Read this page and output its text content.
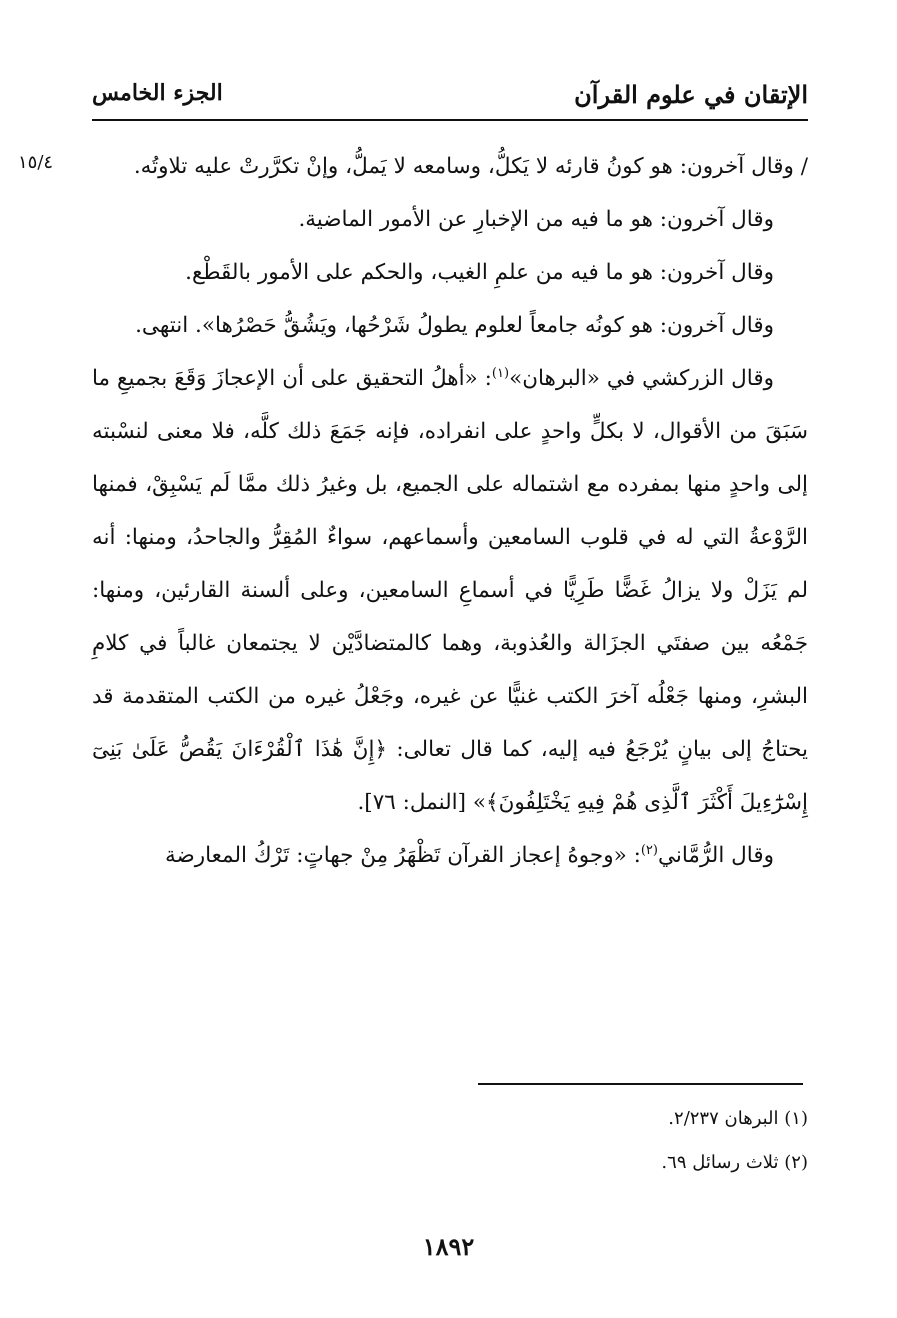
الإتقان في علوم القرآن
الجزء الخامس
١٥/٤	/ وقال آخرون: هو كونُ قارئه لا يَكلُّ، وسامعه لا يَملُّ، وإنْ تكرَّرتْ عليه تلاوتُه.

وقال آخرون: هو ما فيه من الإخبارِ عن الأمور الماضية.

وقال آخرون: هو ما فيه من علمِ الغيب، والحكم على الأمور بالقَطْع.

وقال آخرون: هو كونُه جامعاً لعلوم يطولُ شَرْحُها، ويَشُقُّ حَصْرُها». انتهى.

وقال الزركشي في «البرهان»$^{(١)}$: «أهلُ التحقيق على أن الإعجازَ وَقَعَ بجميعِ ما سَبَقَ من الأقوال، لا بكلٍّ واحدٍ على انفراده، فإنه جَمَعَ ذلك كلَّه، فلا معنى لنسْبته إلى واحدٍ منها بمفرده مع اشتماله على الجميع، بل وغيرُ ذلك ممَّا لَم يَسْبِقْ، فمنها الرَّوْعةُ التي له في قلوب السامعين وأسماعهم، سواءٌ المُقِرُّ والجاحدُ، ومنها: أنه لم يَزَلْ ولا يزالُ غَضًّا طَرِيًّا في أسماعِ السامعين، وعلى ألسنة القارئين، ومنها: جَمْعُه بين صفتَي الجزَالة والعُذوبة، وهما كالمتضادَّيْن لا يجتمعان غالباً في كلامِ البشرِ، ومنها جَعْلُه آخرَ الكتب غنيًّا عن غيره، وجَعْلُ غيره من الكتب المتقدمة قد يحتاجُ إلى بيانٍ يُرْجَعُ فيه إليه، كما قال تعالى: ﴿إِنَّ هَٰذَا ٱلْقُرْءَانَ يَقُصُّ عَلَىٰ بَنِىٓ إِسْرَٰٓءِيلَ أَكْثَرَ ٱلَّذِى هُمْ فِيهِ يَخْتَلِفُونَ﴾» [النمل: ٧٦].

وقال الرُّمَّاني$^{(٢)}$: «وجوهُ إعجاز القرآن تَظْهَرُ مِنْ جهاتٍ: تَرْكُ المعارضة

(١) البرهان ٢/٢٣٧.
(٢) ثلاث رسائل ٦٩.
١٨٩٢
